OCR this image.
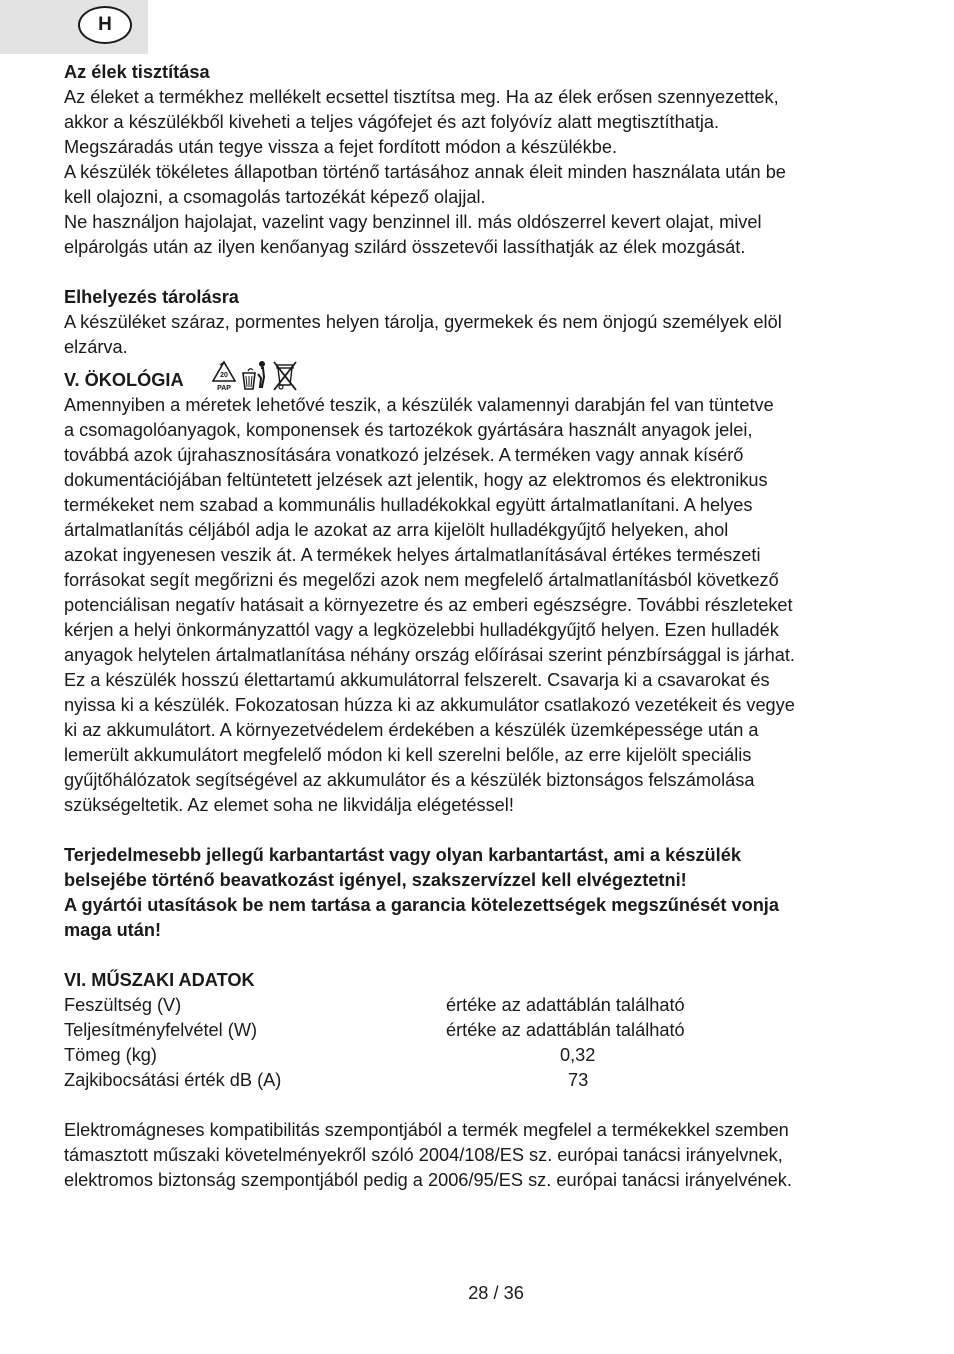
H

Az élek tisztítása

Az éleket a termékhez mellékelt ecsettel tisztítsa meg. Ha az élek erősen szennyezettek,

akkor a készülékből kiveheti a teljes vágófejet és azt folyóvíz alatt megtisztíthatja.

Megszáradás után tegye vissza a fejet fordított módon a készülékbe.

A készülék tökéletes állapotban történő tartásához annak éleit minden használata után be

kell olajozni, a csomagolás tartozékát képező olajjal.

Ne használjon hajolajat, vazelint vagy benzinnel ill. más oldószerrel kevert olajat, mivel

elpárolgás után az ilyen kenőanyag szilárd összetevői lassíthatják az élek mozgását.

Elhelyezés tárolásra

A készüléket száraz, pormentes helyen tárolja, gyermekek és nem önjogú személyek elöl

elzárva.

V. ÖKOLÓGIA	20
PAP

Amennyiben a méretek lehetővé teszik, a készülék valamennyi darabján fel van tüntetve

a csomagolóanyagok, komponensek és tartozékok gyártására használt anyagok jelei,

továbbá azok újrahasznosítására vonatkozó jelzések. A terméken vagy annak kísérő

dokumentációjában feltüntetett jelzések azt jelentik, hogy az elektromos és elektronikus

termékeket nem szabad a kommunális hulladékokkal együtt ártalmatlanítani. A helyes

ártalmatlanítás céljából adja le azokat az arra kijelölt hulladékgyűjtő helyeken, ahol

azokat ingyenesen veszik át. A termékek helyes ártalmatlanításával értékes természeti

forrásokat segít megőrizni és megelőzi azok nem megfelelő ártalmatlanításból következő

potenciálisan negatív hatásait a környezetre és az emberi egészségre. További részleteket

kérjen a helyi önkormányzattól vagy a legközelebbi hulladékgyűjtő helyen. Ezen hulladék

anyagok helytelen ártalmatlanítása néhány ország előírásai szerint pénzbírsággal is járhat.

Ez a készülék hosszú élettartamú akkumulátorral felszerelt. Csavarja ki a csavarokat és

nyissa ki a készülék. Fokozatosan húzza ki az akkumulátor csatlakozó vezetékeit és vegye

ki az akkumulátort. A környezetvédelem érdekében a készülék üzemképessége után a

lemerült akkumulátort megfelelő módon ki kell szerelni belőle, az erre kijelölt speciális

gyűjtőhálózatok segítségével az akkumulátor és a készülék biztonságos felszámolása

szükségeltetik. Az elemet soha ne likvidálja elégetéssel!

Terjedelmesebb jellegű karbantartást vagy olyan karbantartást, ami a készülék

belsejébe történő beavatkozást igényel, szakszervízzel kell elvégeztetni!

A gyártói utasítások be nem tartása a garancia kötelezettségek megszűnését vonja

maga után!

VI. MŰSZAKI ADATOK

Feszültség (V)	értéke az adattáblán található
Teljesítményfelvétel (W)	értéke az adattáblán található
Tömeg (kg)	0,32
Zajkibocsátási érték dB (A)	73

Elektromágneses kompatibilitás szempontjából a termék megfelel a termékekkel szemben

támasztott műszaki követelményekről szóló 2004/108/ES sz. európai tanácsi irányelvnek,

elektromos biztonság szempontjából pedig a 2006/95/ES sz. európai tanácsi irányelvének.

28 / 36
